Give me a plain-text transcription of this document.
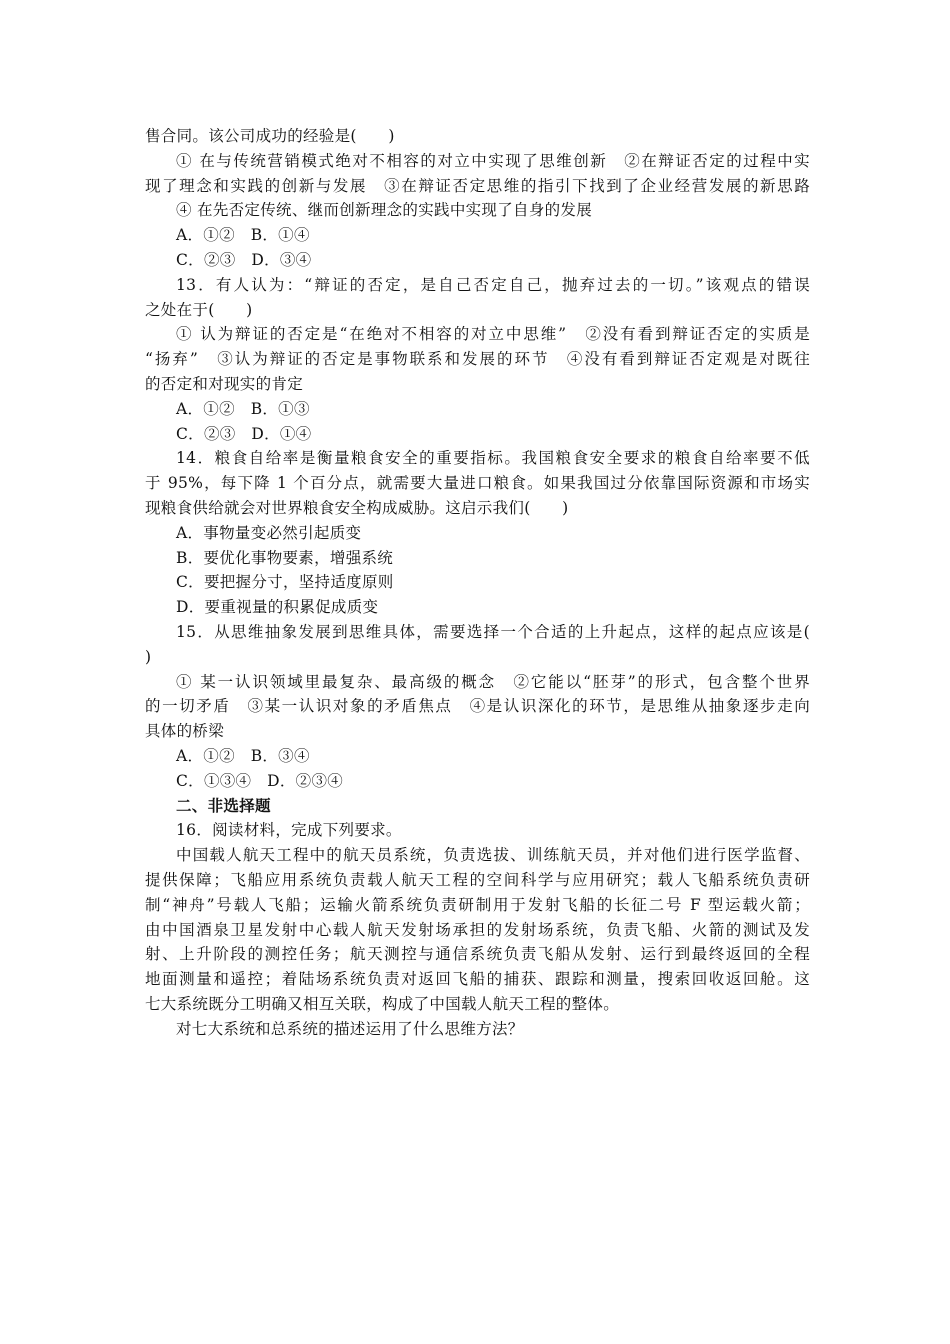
售合同。该公司成功的经验是(　　)
① 在与传统营销模式绝对不相容的对立中实现了思维创新　②在辩证否定的过程中实
现了理念和实践的创新与发展　③在辩证否定思维的指引下找到了企业经营发展的新思路
④ 在先否定传统、继而创新理念的实践中实现了自身的发展
A．①②　B．①④
C．②③　D．③④
13．有人认为：“辩证的否定，是自己否定自己，抛弃过去的一切。”该观点的错误
之处在于(　　)
① 认为辩证的否定是“在绝对不相容的对立中思维”　②没有看到辩证否定的实质是
“扬弃”　③认为辩证的否定是事物联系和发展的环节　④没有看到辩证否定观是对既往
的否定和对现实的肯定
A．①②　B．①③
C．②③　D．①④
14．粮食自给率是衡量粮食安全的重要指标。我国粮食安全要求的粮食自给率要不低
于 95%，每下降 1 个百分点，就需要大量进口粮食。如果我国过分依靠国际资源和市场实
现粮食供给就会对世界粮食安全构成威胁。这启示我们(　　)
A．事物量变必然引起质变
B．要优化事物要素，增强系统
C．要把握分寸，坚持适度原则
D．要重视量的积累促成质变
15．从思维抽象发展到思维具体，需要选择一个合适的上升起点，这样的起点应该是(
)
① 某一认识领域里最复杂、最高级的概念　②它能以“胚芽”的形式，包含整个世界
的一切矛盾　③某一认识对象的矛盾焦点　④是认识深化的环节，是思维从抽象逐步走向
具体的桥梁
A．①②　B．③④
C．①③④　D．②③④
二、非选择题
16．阅读材料，完成下列要求。
中国载人航天工程中的航天员系统，负责选拔、训练航天员，并对他们进行医学监督、
提供保障；飞船应用系统负责载人航天工程的空间科学与应用研究；载人飞船系统负责研
制“神舟”号载人飞船；运输火箭系统负责研制用于发射飞船的长征二号 F 型运载火箭；
由中国酒泉卫星发射中心载人航天发射场承担的发射场系统，负责飞船、火箭的测试及发
射、上升阶段的测控任务；航天测控与通信系统负责飞船从发射、运行到最终返回的全程
地面测量和遥控；着陆场系统负责对返回飞船的捕获、跟踪和测量，搜索回收返回舱。这
七大系统既分工明确又相互关联，构成了中国载人航天工程的整体。
对七大系统和总系统的描述运用了什么思维方法？
